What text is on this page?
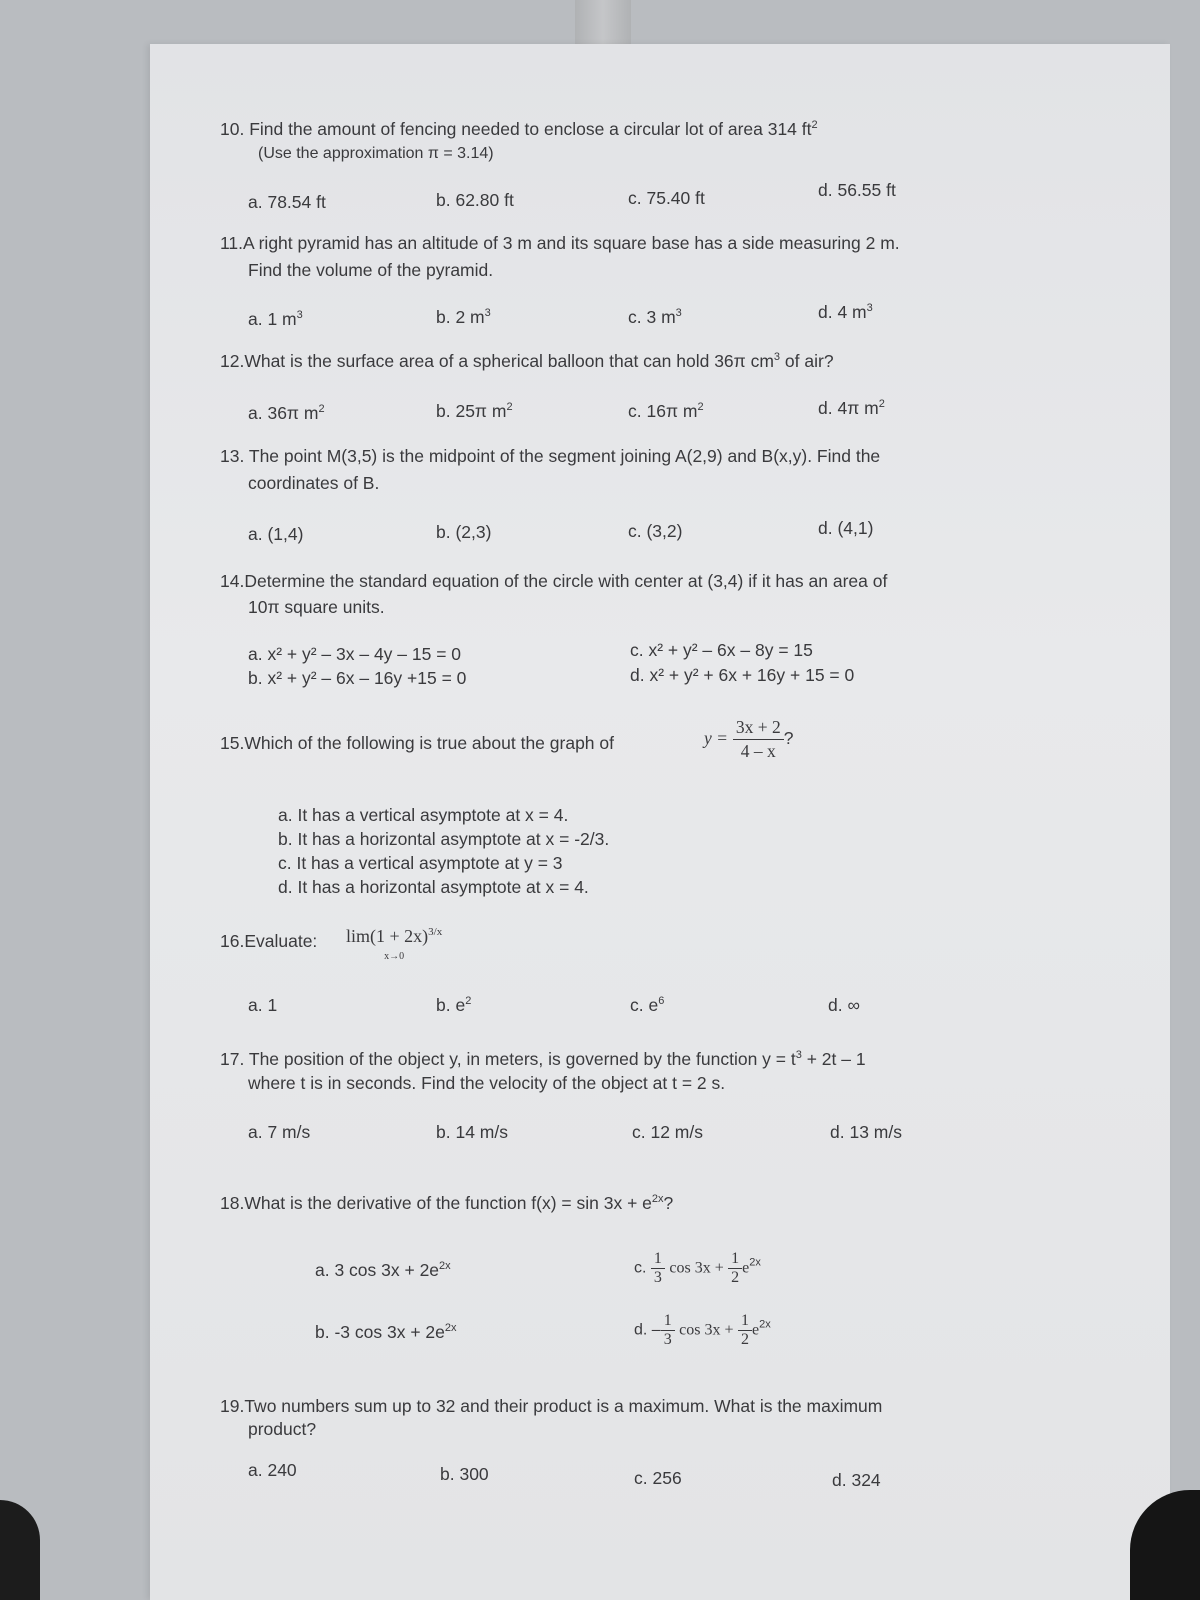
10. Find the amount of fencing needed to enclose a circular lot of area 314 $ft^2$
(Use the approximation π = 3.14)
a. 78.54 ft	b. 62.80 ft	c. 75.40 ft	d. 56.55 ft
11.A right pyramid has an altitude of 3 m and its square base has a side measuring 2 m.
Find the volume of the pyramid.
a. 1 $m^3$	b. 2 $m^3$	c. 3 $m^3$	d. 4 $m^3$
12.What is the surface area of a spherical balloon that can hold 36π $cm^3$ of air?
a. 36π $m^2$	b. 25π $m^2$	c. 16π $m^2$	d. 4π $m^2$
13. The point M(3,5) is the midpoint of the segment joining A(2,9) and B(x,y). Find the
coordinates of B.
a. (1,4)	b. (2,3)	c. (3,2)	d. (4,1)
14.Determine the standard equation of the circle with center at (3,4) if it has an area of
10π square units.
a. x² + y² – 3x – 4y – 15 = 0
b. x² + y² – 6x – 16y +15 = 0
c. x² + y² – 6x – 8y = 15
d. x² + y² + 6x + 16y + 15 = 0
15.Which of the following is true about the graph of	$y = \frac{3x + 2}{4 - x}$ ?
a. It has a vertical asymptote at x = 4.
b. It has a horizontal asymptote at x = -2/3.
c. It has a vertical asymptote at y = 3
d. It has a horizontal asymptote at x = 4.
16.Evaluate: $\lim(1 + 2x)^{3/x}$
x→0
a. 1	b. $e^2$	c. $e^6$	d. ∞
17. The position of the object y, in meters, is governed by the function $y = t^3 + 2t - 1$
where t is in seconds. Find the velocity of the object at t = 2 s.
a. 7 m/s	b. 14 m/s	c. 12 m/s	d. 13 m/s
18.What is the derivative of the function $f(x) = \sin 3x + e^{2x}$?
a. 3 $\cos 3x + 2e^{2x}$
b. -3 $\cos 3x + 2e^{2x}$
c. $\frac{1}{3}$ $\cos 3x + \frac{1}{2} e^{2x}$
d. – $\frac{1}{3}$ $\cos 3x + \frac{1}{2} e^{2x}$
19.Two numbers sum up to 32 and their product is a maximum. What is the maximum
product?
a. 240	b. 300	c. 256	d. 324
